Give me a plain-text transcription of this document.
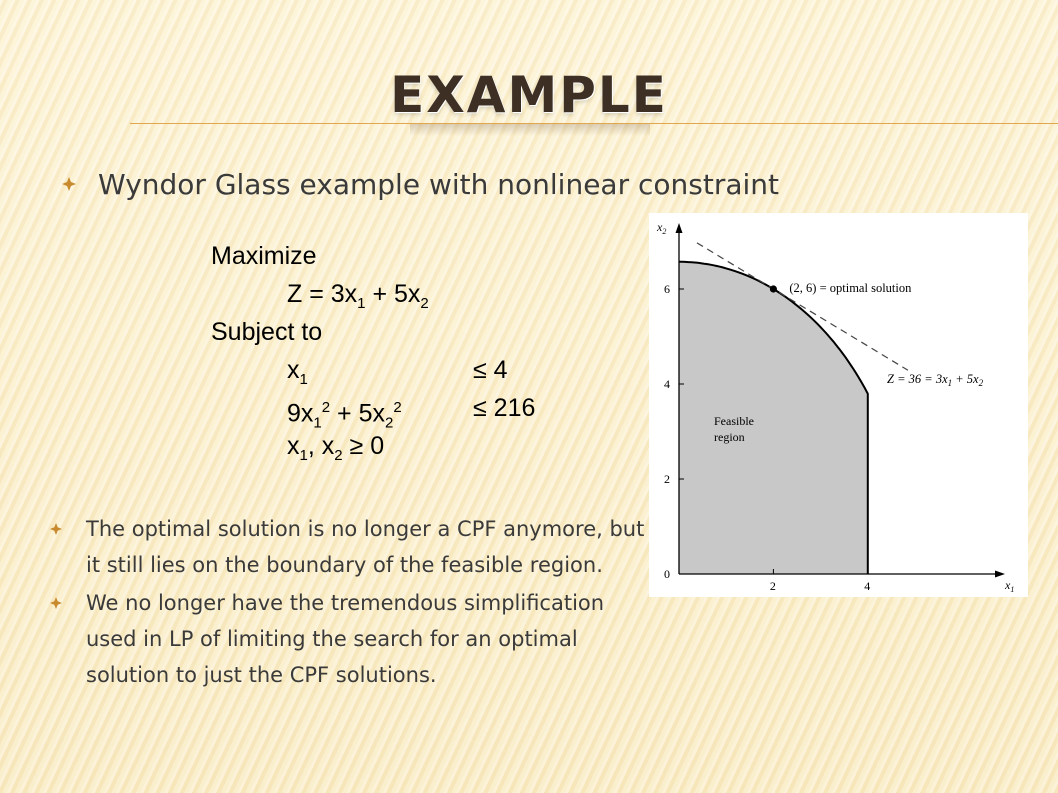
EXAMPLE
Wyndor Glass example with nonlinear constraint
Maximize
$Z = 3x_1 + 5x_2$
Subject to
$x_1$	≤ 4
$9x_1^2 + 5x_2^2$	≤ 216
$x_1$, $x_2 \ge 0$
The optimal solution is no longer a CPF anymore, but it still lies on the boundary of the feasible region.
We no longer have the tremendous simplification used in LP of limiting the search for an optimal solution to just the CPF solutions.
0
2
4
6
2	4
(2, 6) = optimal solution
$Z = 36 = 3x_1 + 5x_2$
Feasible
region
$x_2$
$x_1$
